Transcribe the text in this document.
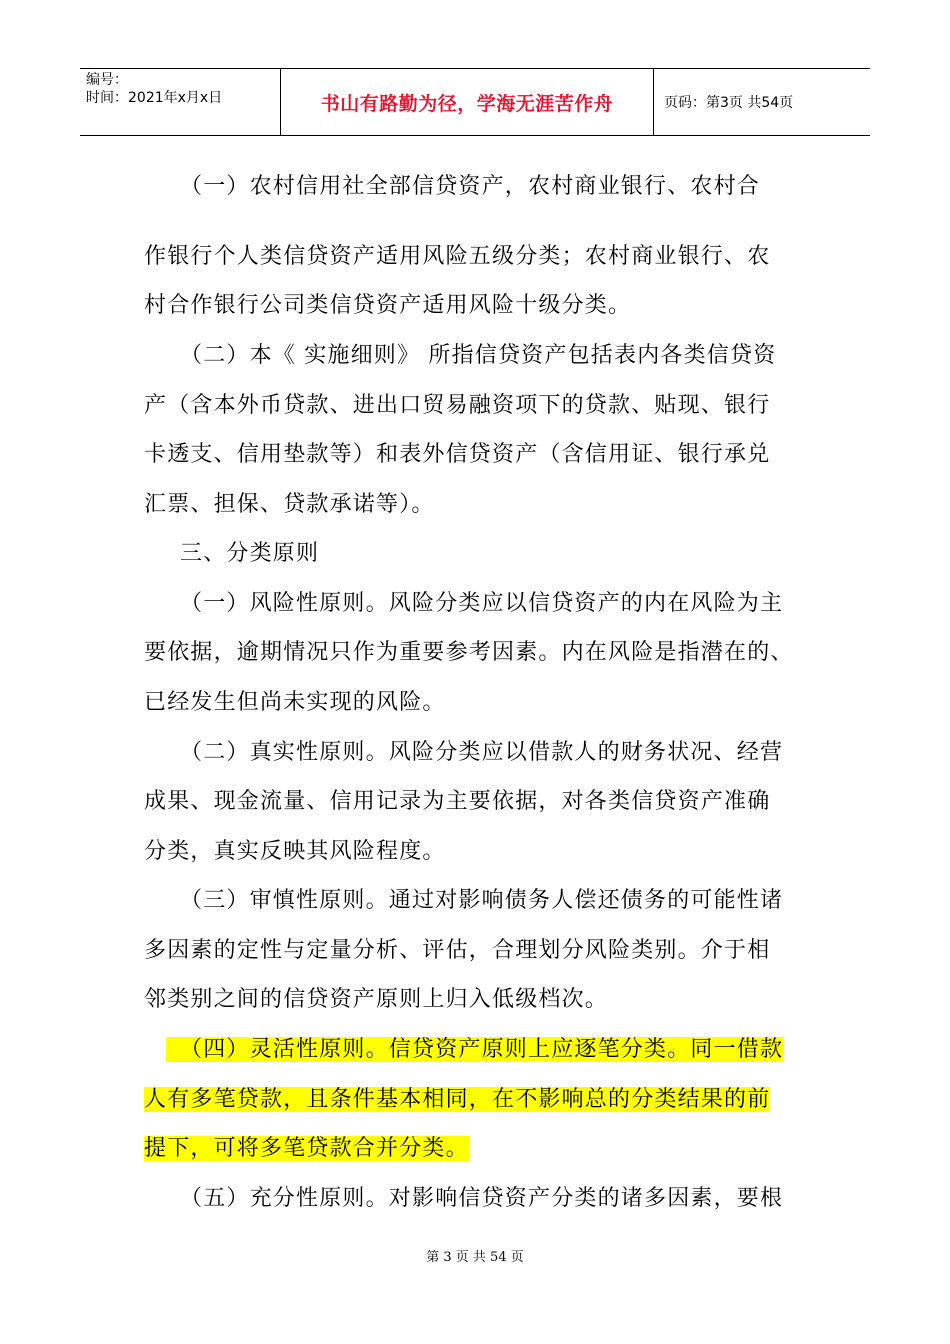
编号：
时间：2021年x月x日	书山有路勤为径，学海无涯苦作舟	页码：第3页 共54页
（一）农村信用社全部信贷资产，农村商业银行、农村合
作银行个人类信贷资产适用风险五级分类；农村商业银行、农
村合作银行公司类信贷资产适用风险十级分类。
（二）本《 实施细则》 所指信贷资产包括表内各类信贷资
产（含本外币贷款、进出口贸易融资项下的贷款、贴现、银行
卡透支、信用垫款等）和表外信贷资产（含信用证、银行承兑
汇票、担保、贷款承诺等）。
三、分类原则
（一）风险性原则。风险分类应以信贷资产的内在风险为主
要依据，逾期情况只作为重要参考因素。内在风险是指潜在的、
已经发生但尚未实现的风险。
（二）真实性原则。风险分类应以借款人的财务状况、经营
成果、现金流量、信用记录为主要依据，对各类信贷资产准确
分类，真实反映其风险程度。
（三）审慎性原则。通过对影响债务人偿还债务的可能性诸
多因素的定性与定量分析、评估，合理划分风险类别。介于相
邻类别之间的信贷资产原则上归入低级档次。
（四）灵活性原则。信贷资产原则上应逐笔分类。同一借款
人有多笔贷款，且条件基本相同，在不影响总的分类结果的前
提下，可将多笔贷款合并分类。
（五）充分性原则。对影响信贷资产分类的诸多因素，要根
第 3 页 共 54 页
